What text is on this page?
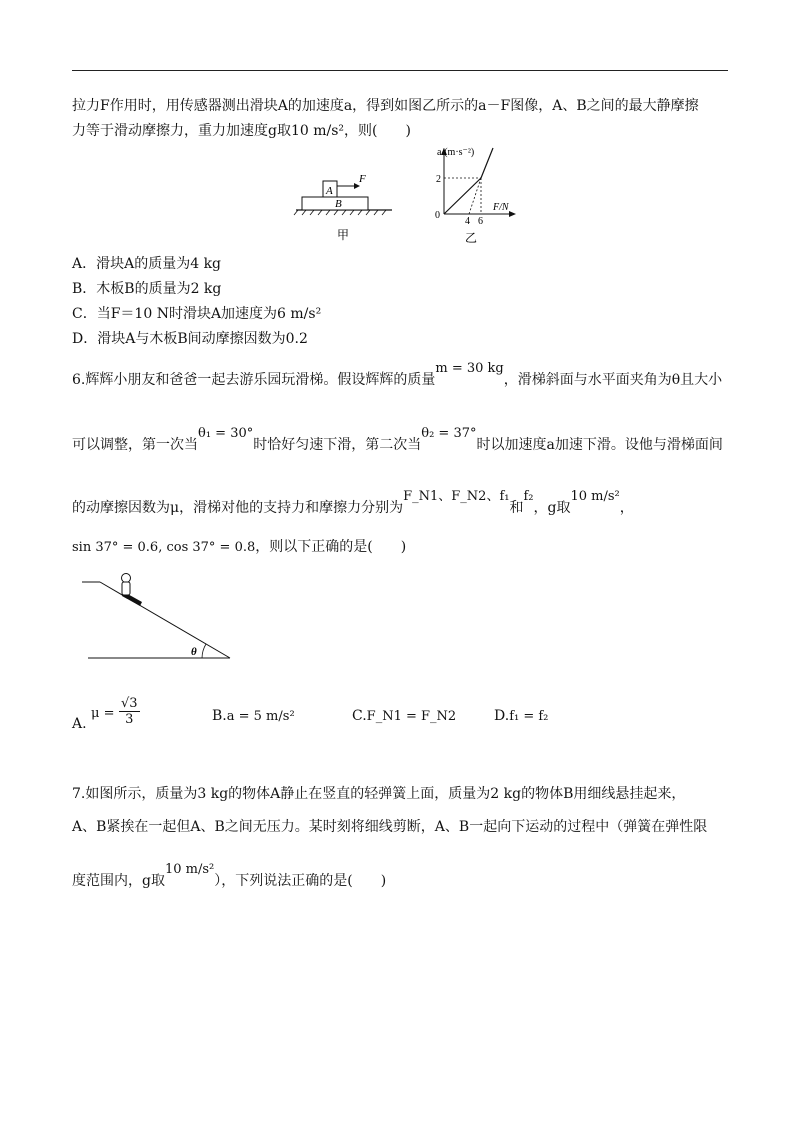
拉力F作用时，用传感器测出滑块A的加速度a，得到如图乙所示的a－F图像，A、B之间的最大静摩擦
力等于滑动摩擦力，重力加速度g取10 m/s²，则(　　)
A
B
F
甲
a/(m·s⁻²)
2
0
4 6
F/N
乙
A．滑块A的质量为4 kg
B．木板B的质量为2 kg
C．当F＝10 N时滑块A加速度为6 m/s²
D．滑块A与木板B间动摩擦因数为0.2
6.辉辉小朋友和爸爸一起去游乐园玩滑梯。假设辉辉的质量m = 30 kg，滑梯斜面与水平面夹角为θ且大小
可以调整，第一次当θ₁ = 30°时恰好匀速下滑，第二次当θ₂ = 37°时以加速度a加速下滑。设他与滑梯面间
的动摩擦因数为μ，滑梯对他的支持力和摩擦力分别为F_N1、F_N2、f₁和f₂，g取10 m/s²，
sin 37° = 0.6, cos 37° = 0.8，则以下正确的是(　　)
θ
A. $\mu = \frac{√3}{3}$	B.a = 5 m/s²	C.F_N1 = F_N2	D.f₁ = f₂
7.如图所示，质量为3 kg的物体A静止在竖直的轻弹簧上面，质量为2 kg的物体B用细线悬挂起来，
A、B紧挨在一起但A、B之间无压力。某时刻将细线剪断，A、B一起向下运动的过程中（弹簧在弹性限
度范围内，g取10 m/s²），下列说法正确的是(　　)
